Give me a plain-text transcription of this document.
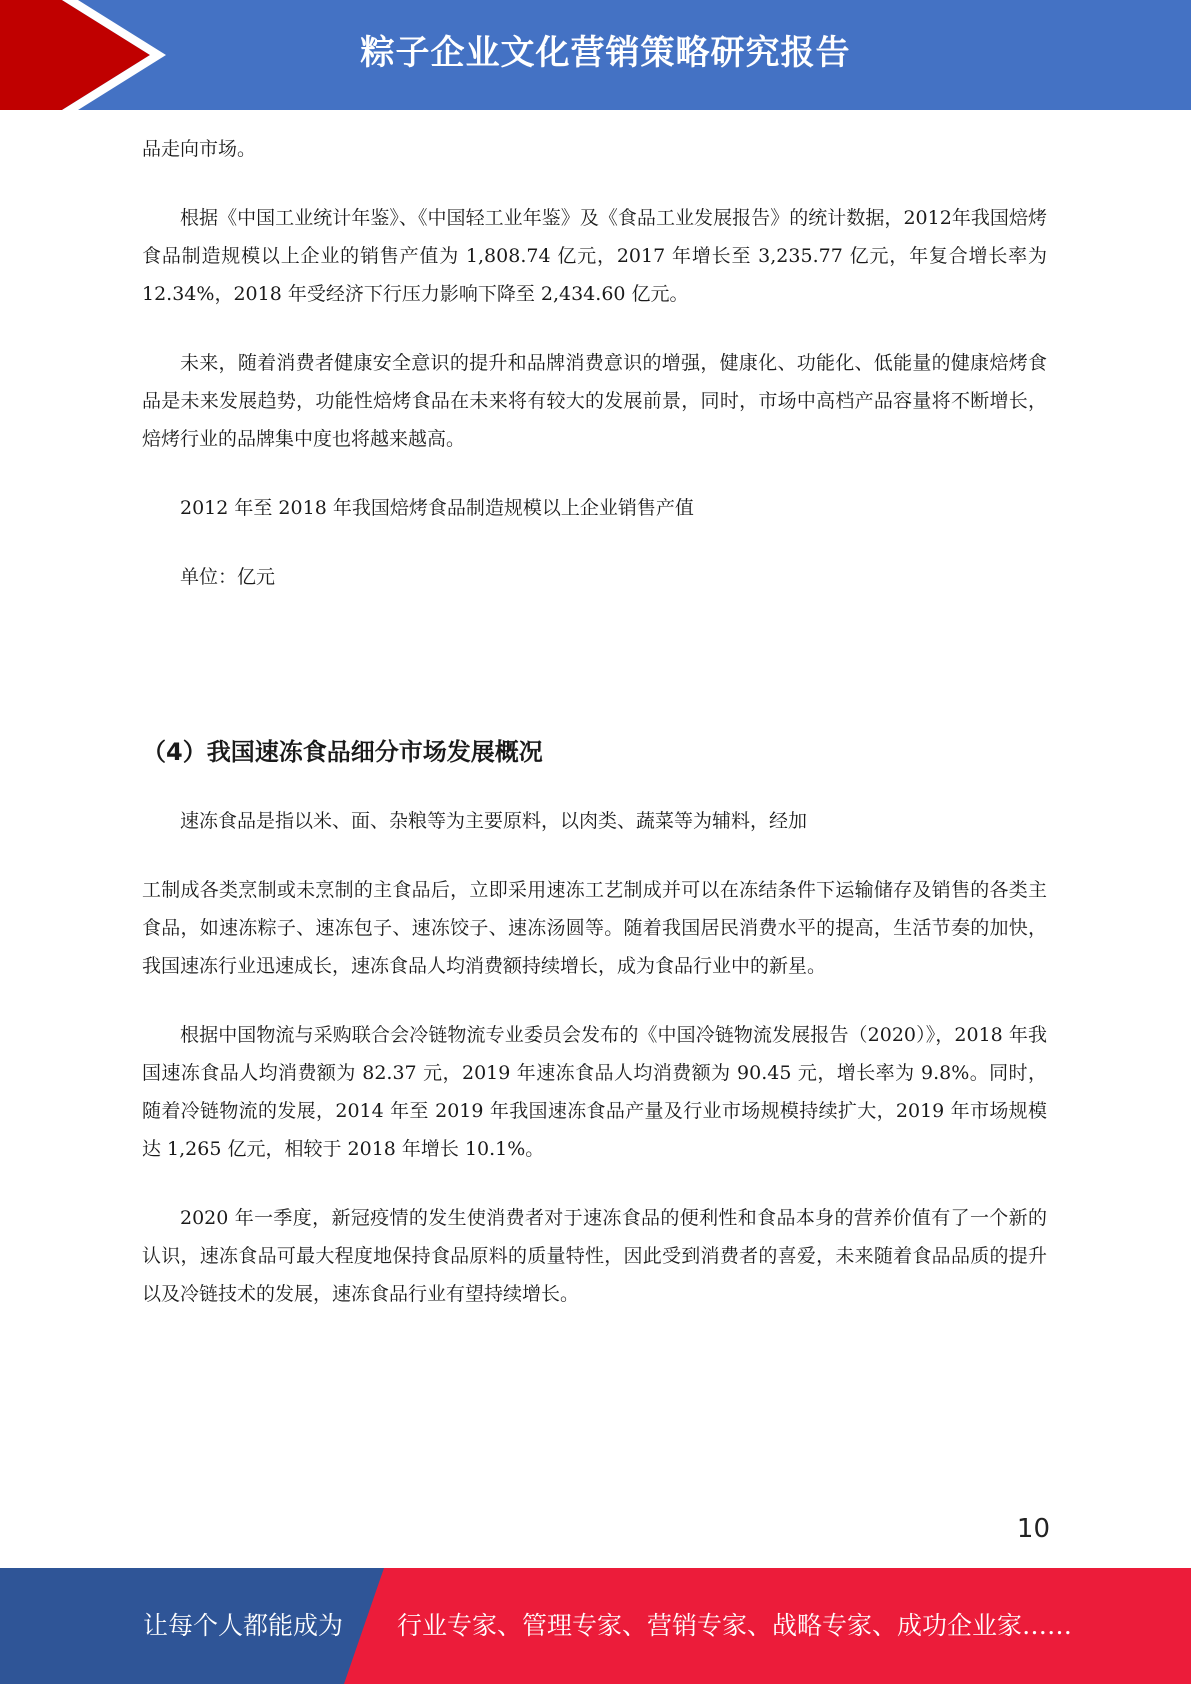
粽子企业文化营销策略研究报告

品走向市场。

根据《中国工业统计年鉴》、《中国轻工业年鉴》及《食品工业发展报告》的统计数据，2012年我国焙烤食品制造规模以上企业的销售产值为 1,808.74 亿元，2017 年增长至 3,235.77 亿元，年复合增长率为 12.34%，2018 年受经济下行压力影响下降至 2,434.60 亿元。

未来，随着消费者健康安全意识的提升和品牌消费意识的增强，健康化、功能化、低能量的健康焙烤食品是未来发展趋势，功能性焙烤食品在未来将有较大的发展前景，同时，市场中高档产品容量将不断增长，焙烤行业的品牌集中度也将越来越高。

2012 年至 2018 年我国焙烤食品制造规模以上企业销售产值

单位：亿元

（4）我国速冻食品细分市场发展概况

速冻食品是指以米、面、杂粮等为主要原料，以肉类、蔬菜等为辅料，经加

工制成各类烹制或未烹制的主食品后，立即采用速冻工艺制成并可以在冻结条件下运输储存及销售的各类主食品，如速冻粽子、速冻包子、速冻饺子、速冻汤圆等。随着我国居民消费水平的提高，生活节奏的加快，我国速冻行业迅速成长，速冻食品人均消费额持续增长，成为食品行业中的新星。

根据中国物流与采购联合会冷链物流专业委员会发布的《中国冷链物流发展报告（2020）》，2018 年我国速冻食品人均消费额为 82.37 元，2019 年速冻食品人均消费额为 90.45 元，增长率为 9.8%。同时，随着冷链物流的发展，2014 年至 2019 年我国速冻食品产量及行业市场规模持续扩大，2019 年市场规模达 1,265 亿元，相较于 2018 年增长 10.1%。

2020 年一季度，新冠疫情的发生使消费者对于速冻食品的便利性和食品本身的营养价值有了一个新的认识，速冻食品可最大程度地保持食品原料的质量特性，因此受到消费者的喜爱，未来随着食品品质的提升以及冷链技术的发展，速冻食品行业有望持续增长。

10
让每个人都能成为 行业专家、管理专家、营销专家、战略专家、成功企业家……
